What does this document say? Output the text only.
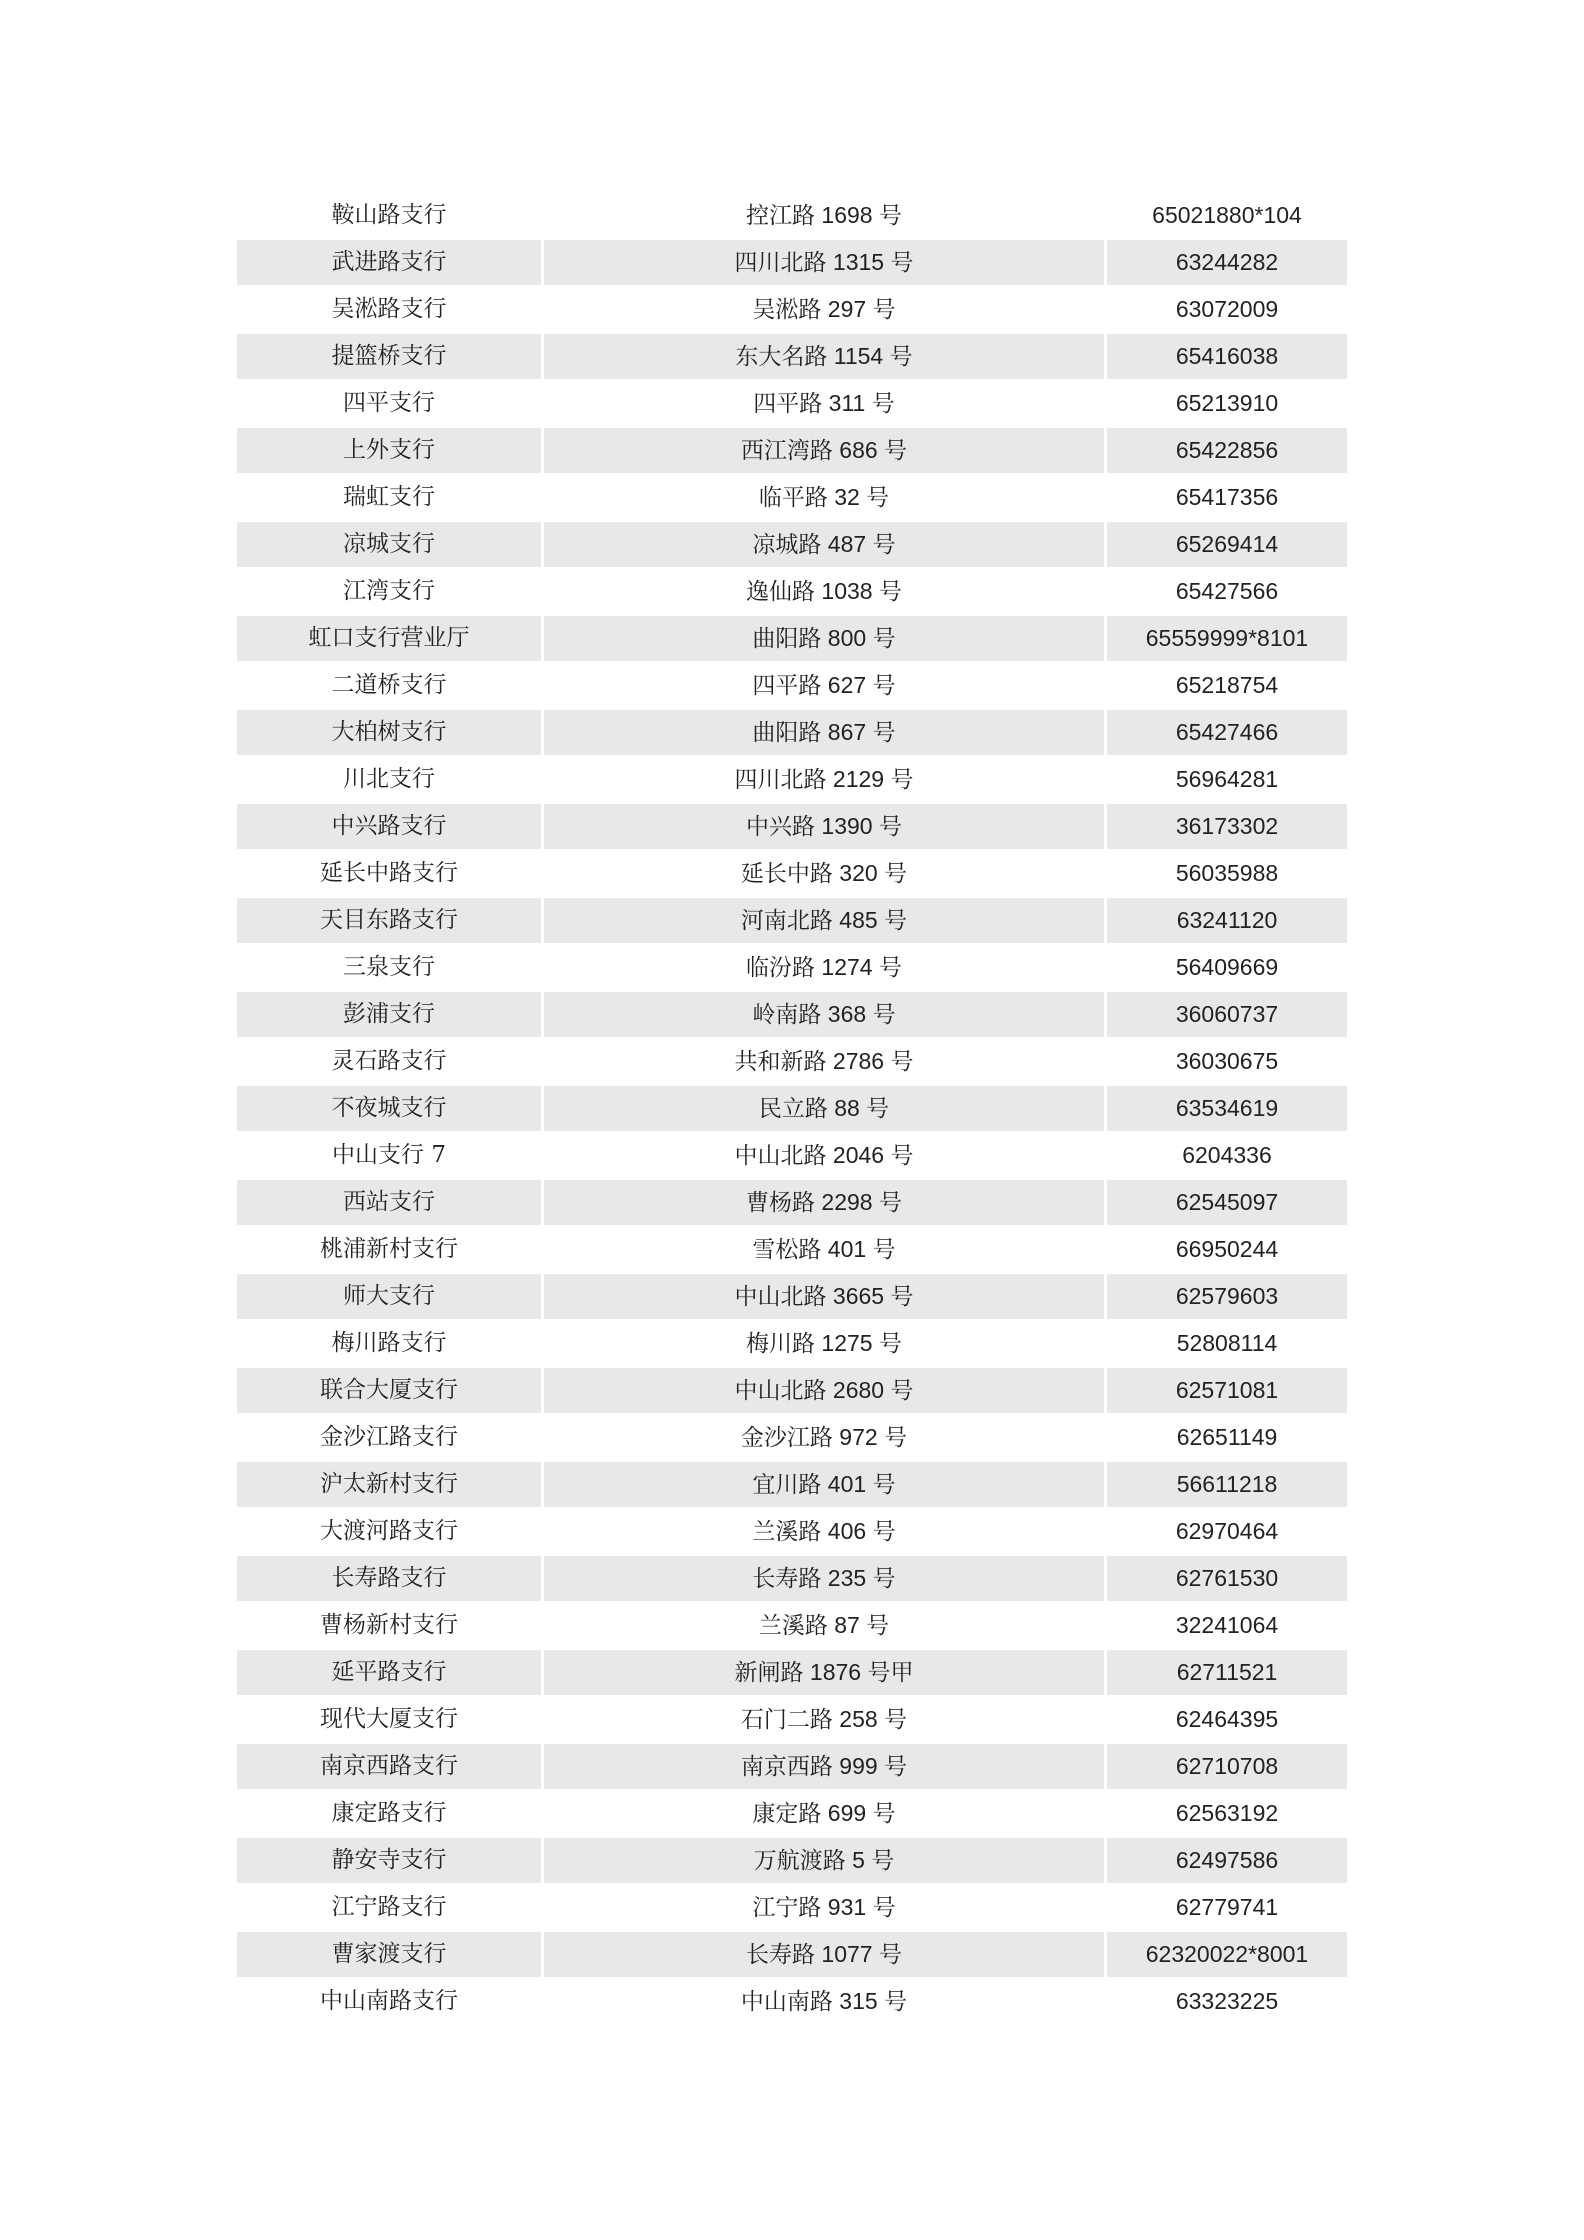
鞍山路支行	控江路 1698 号	65021880*104
武进路支行	四川北路 1315 号	63244282
吴淞路支行	吴淞路 297 号	63072009
提篮桥支行	东大名路 1154 号	65416038
四平支行	四平路 311 号	65213910
上外支行	西江湾路 686 号	65422856
瑞虹支行	临平路 32 号	65417356
凉城支行	凉城路 487 号	65269414
江湾支行	逸仙路 1038 号	65427566
虹口支行营业厅	曲阳路 800 号	65559999*8101
二道桥支行	四平路 627 号	65218754
大柏树支行	曲阳路 867 号	65427466
川北支行	四川北路 2129 号	56964281
中兴路支行	中兴路 1390 号	36173302
延长中路支行	延长中路 320 号	56035988
天目东路支行	河南北路 485 号	63241120
三泉支行	临汾路 1274 号	56409669
彭浦支行	岭南路 368 号	36060737
灵石路支行	共和新路 2786 号	36030675
不夜城支行	民立路 88 号	63534619
中山支行 7	中山北路 2046 号	6204336
西站支行	曹杨路 2298 号	62545097
桃浦新村支行	雪松路 401 号	66950244
师大支行	中山北路 3665 号	62579603
梅川路支行	梅川路 1275 号	52808114
联合大厦支行	中山北路 2680 号	62571081
金沙江路支行	金沙江路 972 号	62651149
沪太新村支行	宜川路 401 号	56611218
大渡河路支行	兰溪路 406 号	62970464
长寿路支行	长寿路 235 号	62761530
曹杨新村支行	兰溪路 87 号	32241064
延平路支行	新闸路 1876 号甲	62711521
现代大厦支行	石门二路 258 号	62464395
南京西路支行	南京西路 999 号	62710708
康定路支行	康定路 699 号	62563192
静安寺支行	万航渡路 5 号	62497586
江宁路支行	江宁路 931 号	62779741
曹家渡支行	长寿路 1077 号	62320022*8001
中山南路支行	中山南路 315 号	63323225
